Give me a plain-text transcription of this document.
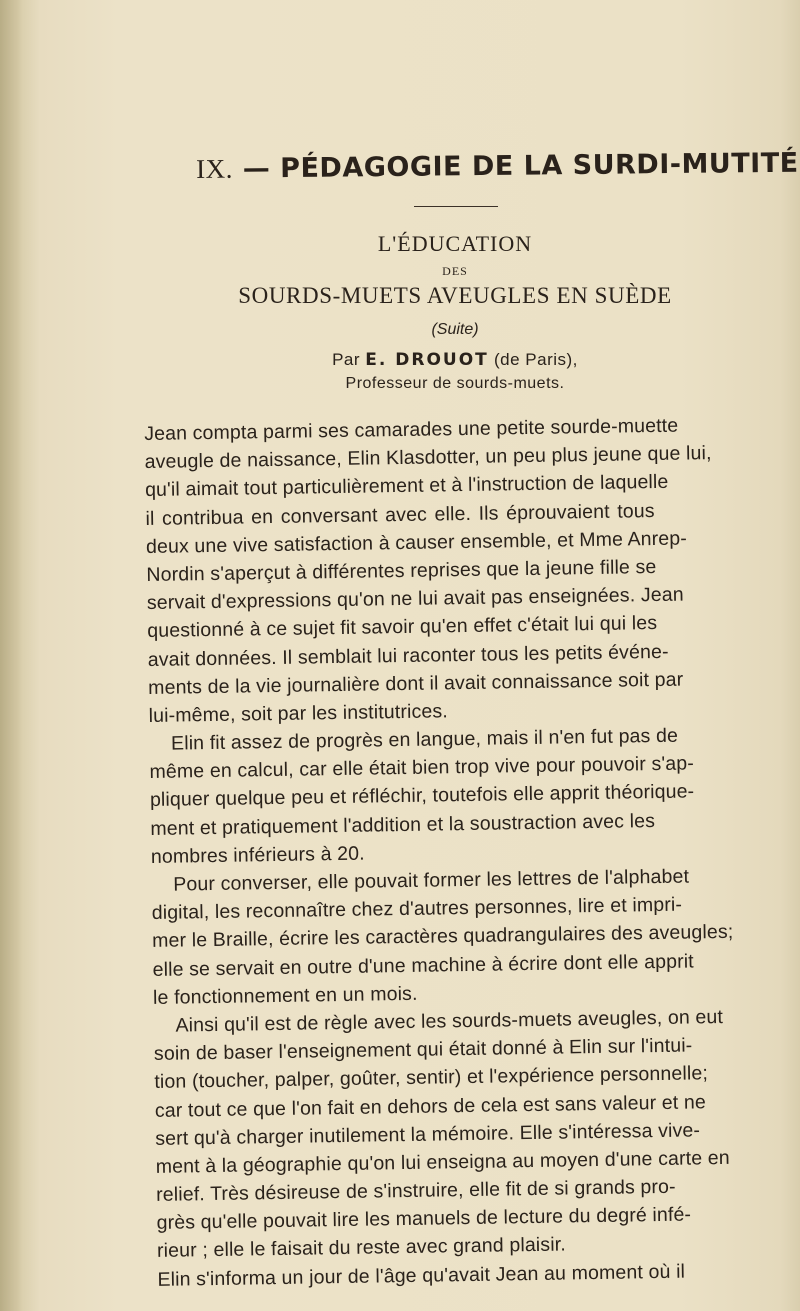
IX. — PÉDAGOGIE DE LA SURDI-MUTITÉ
L'ÉDUCATION
DES
SOURDS-MUETS AVEUGLES EN SUÈDE
(Suite)
Par E. DROUOT (de Paris),
Professeur de sourds-muets.
Jean compta parmi ses camarades une petite sourde-muette
aveugle de naissance, Elin Klasdotter, un peu plus jeune que lui,
qu'il aimait tout particulièrement et à l'instruction de laquelle
il contribua en conversant avec elle. Ils éprouvaient tous
deux une vive satisfaction à causer ensemble, et Mme Anrep-
Nordin s'aperçut à différentes reprises que la jeune fille se
servait d'expressions qu'on ne lui avait pas enseignées. Jean
questionné à ce sujet fit savoir qu'en effet c'était lui qui les
avait données. Il semblait lui raconter tous les petits événe-
ments de la vie journalière dont il avait connaissance soit par
lui-même, soit par les institutrices.
Elin fit assez de progrès en langue, mais il n'en fut pas de
même en calcul, car elle était bien trop vive pour pouvoir s'ap-
pliquer quelque peu et réfléchir, toutefois elle apprit théorique-
ment et pratiquement l'addition et la soustraction avec les
nombres inférieurs à 20.
Pour converser, elle pouvait former les lettres de l'alphabet
digital, les reconnaître chez d'autres personnes, lire et impri-
mer le Braille, écrire les caractères quadrangulaires des aveugles;
elle se servait en outre d'une machine à écrire dont elle apprit
le fonctionnement en un mois.
Ainsi qu'il est de règle avec les sourds-muets aveugles, on eut
soin de baser l'enseignement qui était donné à Elin sur l'intui-
tion (toucher, palper, goûter, sentir) et l'expérience personnelle;
car tout ce que l'on fait en dehors de cela est sans valeur et ne
sert qu'à charger inutilement la mémoire. Elle s'intéressa vive-
ment à la géographie qu'on lui enseigna au moyen d'une carte en
relief. Très désireuse de s'instruire, elle fit de si grands pro-
grès qu'elle pouvait lire les manuels de lecture du degré infé-
rieur ; elle le faisait du reste avec grand plaisir.
Elin s'informa un jour de l'âge qu'avait Jean au moment où il
